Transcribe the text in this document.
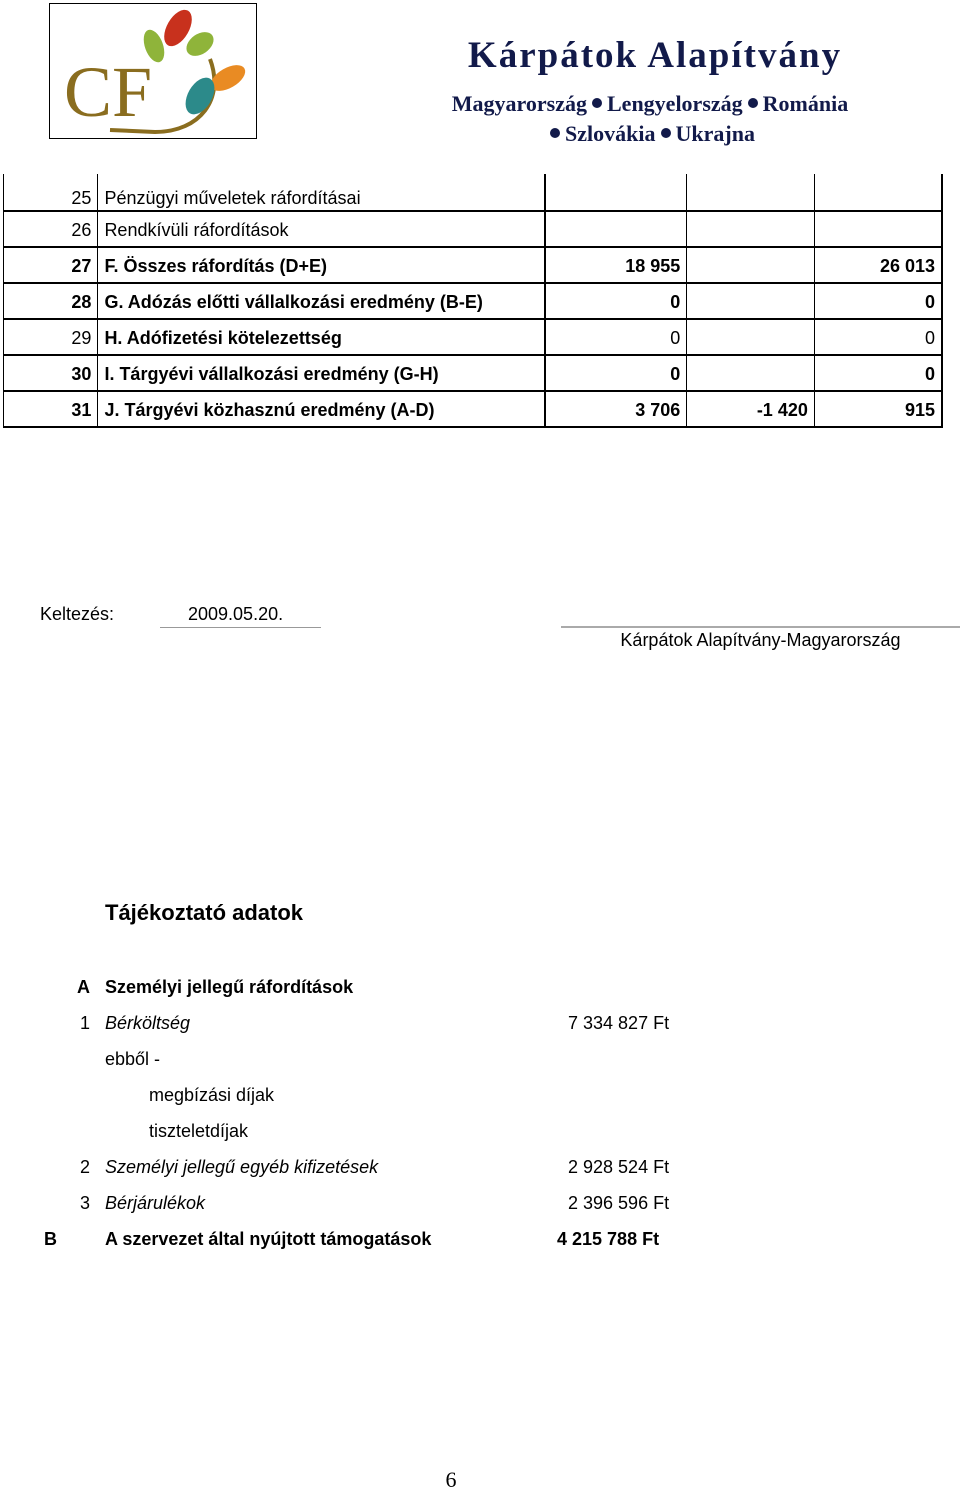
CF	Kárpátok Alapítvány
Magyarország Lengyelország Románia
Szlovákia Ukrajna
25	Pénzügyi műveletek ráfordításai			
26	Rendkívüli ráfordítások			
27	F. Összes ráfordítás (D+E)	18 955		26 013
28	G. Adózás előtti vállalkozási eredmény (B-E)	0		0
29	H. Adófizetési kötelezettség	0		0
30	I. Tárgyévi vállalkozási eredmény (G-H)	0		0
31	J. Tárgyévi közhasznú eredmény (A-D)	3 706	-1 420	915
Keltezés:	2009.05.20.
Kárpátok Alapítvány-Magyarország
Tájékoztató adatok
A Személyi jellegű ráfordítások
1 Bérköltség	7 334 827 Ft
ebből -
megbízási díjak
tiszteletdíjak
2 Személyi jellegű egyéb kifizetések	2 928 524 Ft
3 Bérjárulékok	2 396 596 Ft
B	A szervezet által nyújtott támogatások	4 215 788 Ft
6
